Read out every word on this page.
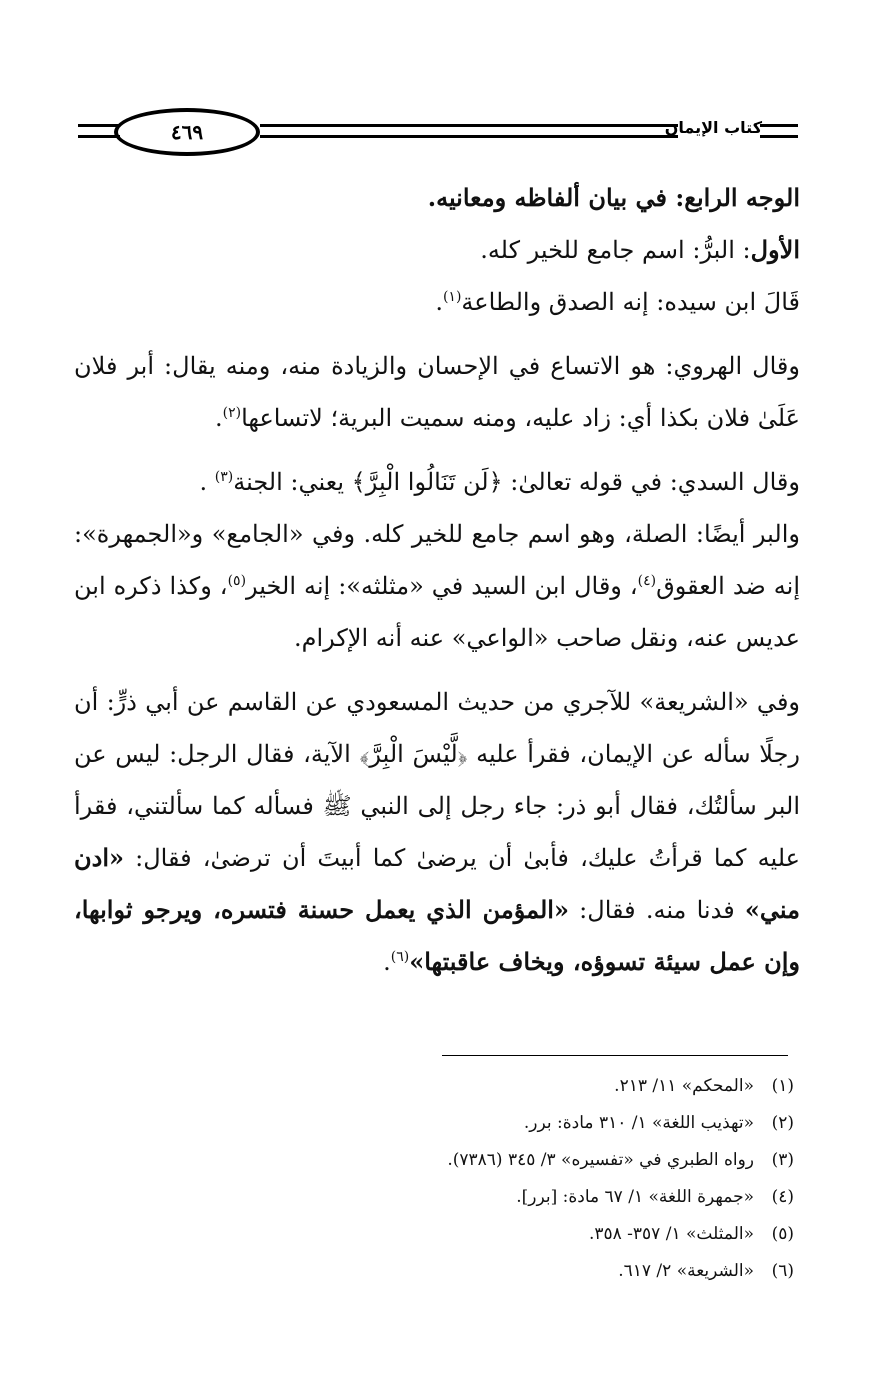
٤٦٩	كتاب الإيمان

الوجه الرابع: في بيان ألفاظه ومعانيه.

الأول: البرُّ: اسم جامع للخير كله.

قَالَ ابن سيده: إنه الصدق والطاعة$^{(١)}$.

وقال الهروي: هو الاتساع في الإحسان والزيادة منه، ومنه يقال: أبر فلان عَلَىٰ فلان بكذا أي: زاد عليه، ومنه سميت البرية؛ لاتساعها$^{(٢)}$.

وقال السدي: في قوله تعالىٰ: ﴿لَن تَنَالُوا الْبِرَّ﴾ يعني: الجنة$^{(٣)}$ .

والبر أيضًا: الصلة، وهو اسم جامع للخير كله. وفي «الجامع» و«الجمهرة»: إنه ضد العقوق$^{(٤)}$، وقال ابن السيد في «مثلثه»: إنه الخير$^{(٥)}$، وكذا ذكره ابن عديس عنه، ونقل صاحب «الواعي» عنه أنه الإكرام.

وفي «الشريعة» للآجري من حديث المسعودي عن القاسم عن أبي ذرٍّ: أن رجلًا سأله عن الإيمان، فقرأ عليه ﴿لَّيْسَ الْبِرَّ﴾ الآية، فقال الرجل: ليس عن البر سألتُك، فقال أبو ذر: جاء رجل إلى النبي ﷺ فسأله كما سألتني، فقرأ عليه كما قرأتُ عليك، فأبىٰ أن يرضىٰ كما أبيتَ أن ترضىٰ، فقال: «ادن مني» فدنا منه. فقال: «المؤمن الذي يعمل حسنة فتسره، ويرجو ثوابها، وإن عمل سيئة تسوؤه، ويخاف عاقبتها»$^{(٦)}$.

(١)«المحكم» ١١/ ٢١٣.

(٢)«تهذيب اللغة» ١/ ٣١٠ مادة: برر.

(٣)رواه الطبري في «تفسيره» ٣/ ٣٤٥ (٧٣٨٦).

(٤)«جمهرة اللغة» ١/ ٦٧ مادة: [برر].

(٥)«المثلث» ١/ ٣٥٧- ٣٥٨.

(٦)«الشريعة» ٢/ ٦١٧.
